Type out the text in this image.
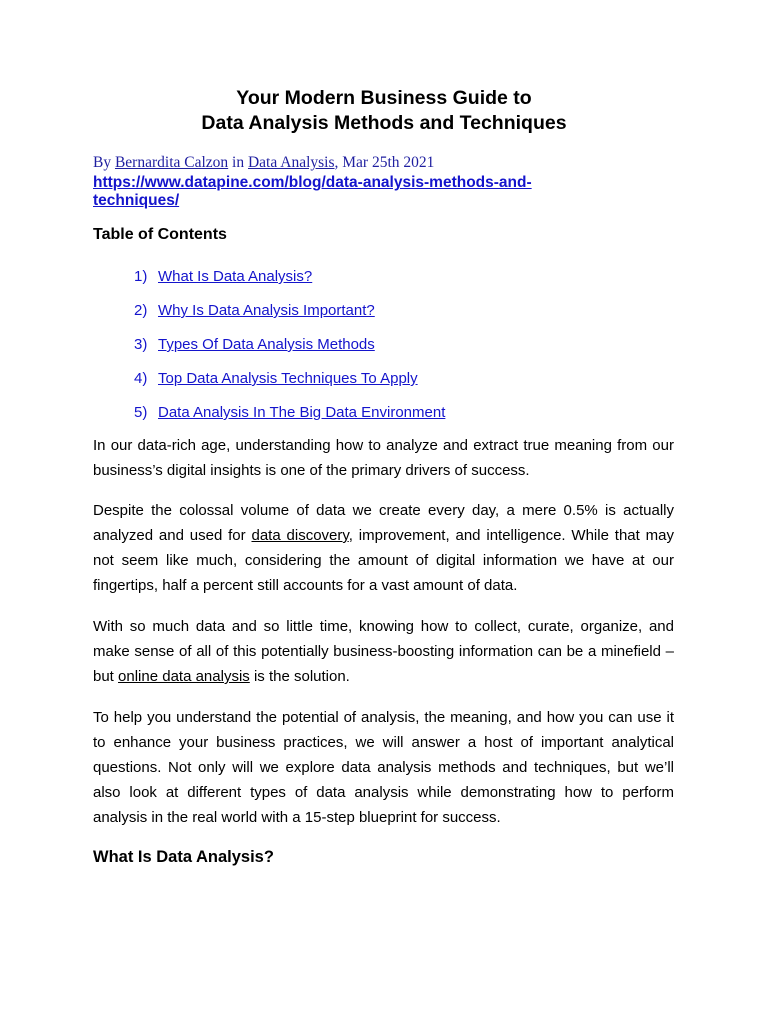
Your Modern Business Guide to
Data Analysis Methods and Techniques
By Bernardita Calzon in Data Analysis, Mar 25th 2021
https://www.datapine.com/blog/data-analysis-methods-and-techniques/
Table of Contents
1) What Is Data Analysis?
2) Why Is Data Analysis Important?
3) Types Of Data Analysis Methods
4) Top Data Analysis Techniques To Apply
5) Data Analysis In The Big Data Environment

In our data-rich age, understanding how to analyze and extract true meaning from our business’s digital insights is one of the primary drivers of success.

Despite the colossal volume of data we create every day, a mere 0.5% is actually analyzed and used for data discovery, improvement, and intelligence. While that may not seem like much, considering the amount of digital information we have at our fingertips, half a percent still accounts for a vast amount of data.

With so much data and so little time, knowing how to collect, curate, organize, and make sense of all of this potentially business-boosting information can be a minefield – but online data analysis is the solution.

To help you understand the potential of analysis, the meaning, and how you can use it to enhance your business practices, we will answer a host of important analytical questions. Not only will we explore data analysis methods and techniques, but we’ll also look at different types of data analysis while demonstrating how to perform analysis in the real world with a 15-step blueprint for success.

What Is Data Analysis?
